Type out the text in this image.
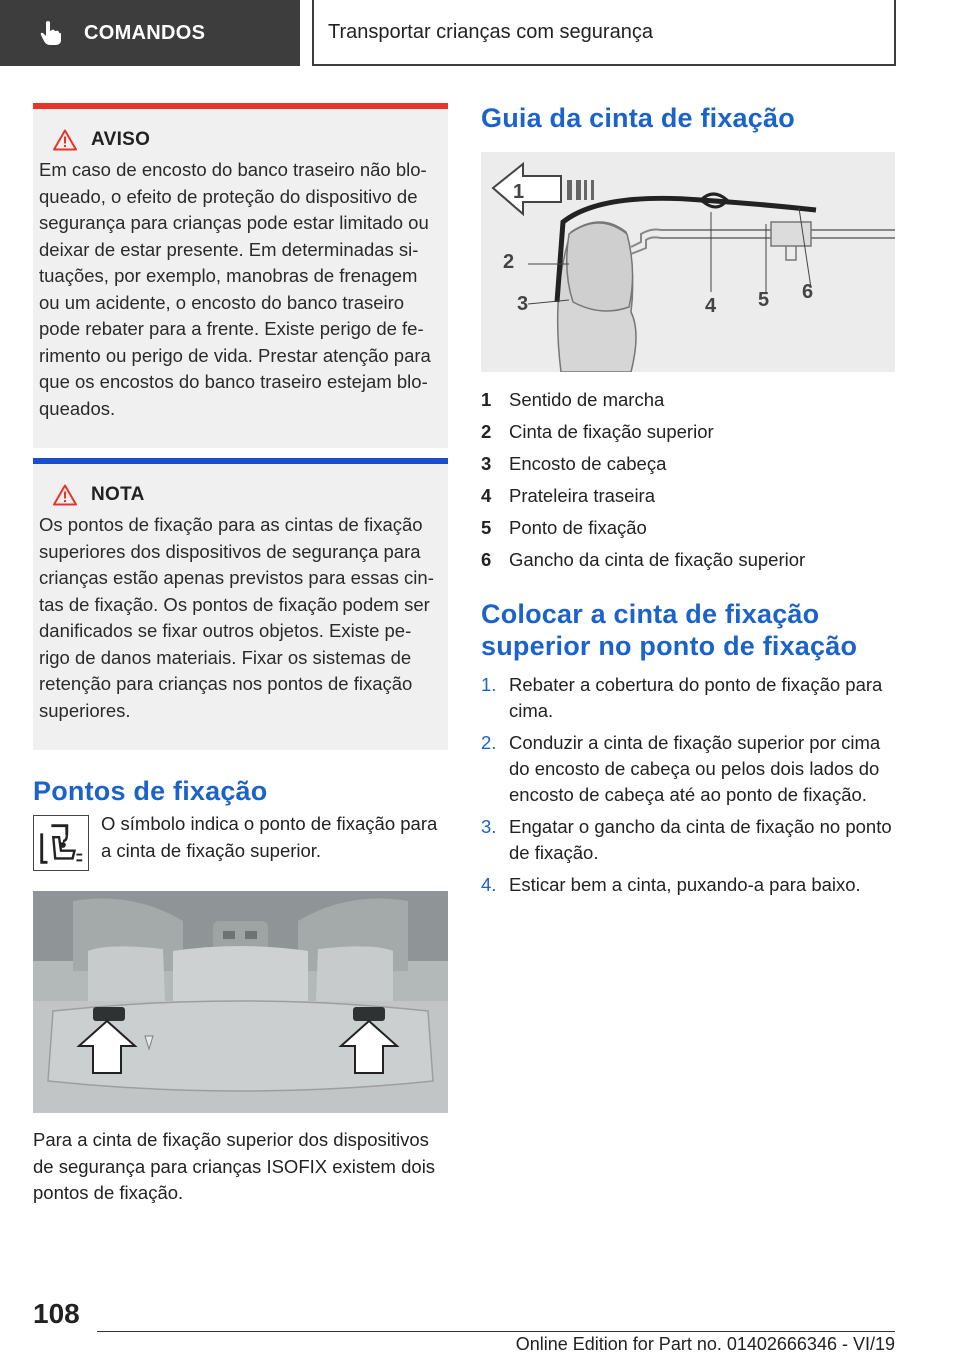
COMANDOS	Transportar crianças com segurança
AVISO

Em caso de encosto do banco traseiro não blo-queado, o efeito de proteção do dispositivo de segurança para crianças pode estar limitado ou deixar de estar presente. Em determinadas si-tuações, por exemplo, manobras de frenagem ou um acidente, o encosto do banco traseiro pode rebater para a frente. Existe perigo de fe-rimento ou perigo de vida. Prestar atenção para que os encostos do banco traseiro estejam blo-queados.

NOTA

Os pontos de fixação para as cintas de fixação superiores dos dispositivos de segurança para crianças estão apenas previstos para essas cin-tas de fixação. Os pontos de fixação podem ser danificados se fixar outros objetos. Existe pe-rigo de danos materiais. Fixar os sistemas de retenção para crianças nos pontos de fixação superiores.

Pontos de fixação

O símbolo indica o ponto de fixação para a cinta de fixação superior.

Para a cinta de fixação superior dos dispositivos de segurança para crianças ISOFIX existem dois pontos de fixação.

Guia da cinta de fixação
1
2
3	4 5 6
1 Sentido de marcha
2 Cinta de fixação superior
3 Encosto de cabeça
4 Prateleira traseira
5 Ponto de fixação
6 Gancho da cinta de fixação superior
Colocar a cinta de fixação superior no ponto de fixação
1. Rebater a cobertura do ponto de fixação para cima.
2. Conduzir a cinta de fixação superior por cima do encosto de cabeça ou pelos dois lados do encosto de cabeça até ao ponto de fixação.
3. Engatar o gancho da cinta de fixação no ponto de fixação.
4. Esticar bem a cinta, puxando-a para baixo.
108
Online Edition for Part no. 01402666346 - VI/19
